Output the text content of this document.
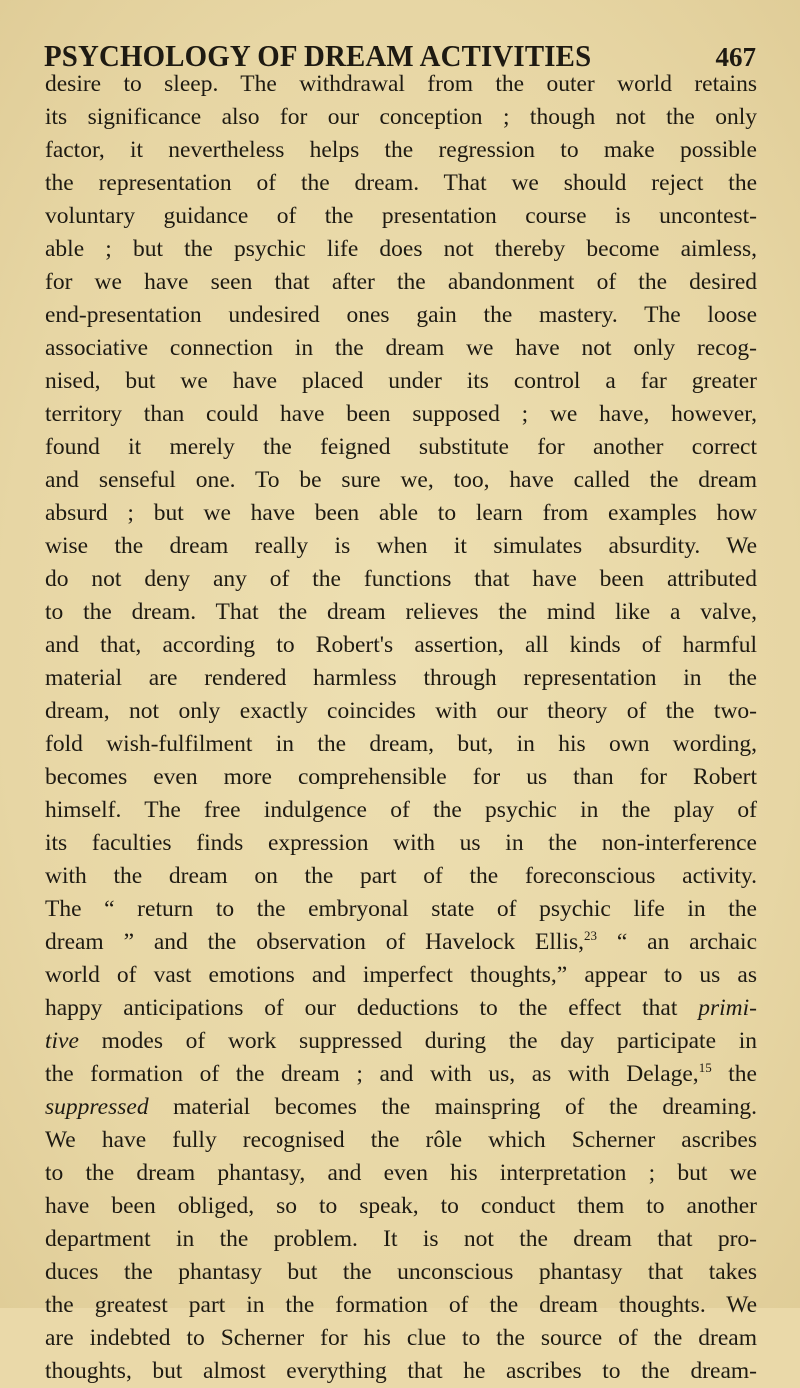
PSYCHOLOGY OF DREAM ACTIVITIES	467
desire to sleep. The withdrawal from the outer world retains
its significance also for our conception ; though not the only
factor, it nevertheless helps the regression to make possible
the representation of the dream. That we should reject the
voluntary guidance of the presentation course is uncontest-
able ; but the psychic life does not thereby become aimless,
for we have seen that after the abandonment of the desired
end-presentation undesired ones gain the mastery. The loose
associative connection in the dream we have not only recog-
nised, but we have placed under its control a far greater
territory than could have been supposed ; we have, however,
found it merely the feigned substitute for another correct
and senseful one. To be sure we, too, have called the dream
absurd ; but we have been able to learn from examples how
wise the dream really is when it simulates absurdity. We
do not deny any of the functions that have been attributed
to the dream. That the dream relieves the mind like a valve,
and that, according to Robert's assertion, all kinds of harmful
material are rendered harmless through representation in the
dream, not only exactly coincides with our theory of the two-
fold wish-fulfilment in the dream, but, in his own wording,
becomes even more comprehensible for us than for Robert
himself. The free indulgence of the psychic in the play of
its faculties finds expression with us in the non-interference
with the dream on the part of the foreconscious activity.
The “ return to the embryonal state of psychic life in the
dream ” and the observation of Havelock Ellis,$^{23}$ “ an archaic
world of vast emotions and imperfect thoughts,” appear to us as
happy anticipations of our deductions to the effect that primi-
tive modes of work suppressed during the day participate in
the formation of the dream ; and with us, as with Delage,$^{15}$ the
suppressed material becomes the mainspring of the dreaming.
We have fully recognised the rôle which Scherner ascribes
to the dream phantasy, and even his interpretation ; but we
have been obliged, so to speak, to conduct them to another
department in the problem. It is not the dream that pro-
duces the phantasy but the unconscious phantasy that takes
the greatest part in the formation of the dream thoughts. We
are indebted to Scherner for his clue to the source of the dream
thoughts, but almost everything that he ascribes to the dream-
